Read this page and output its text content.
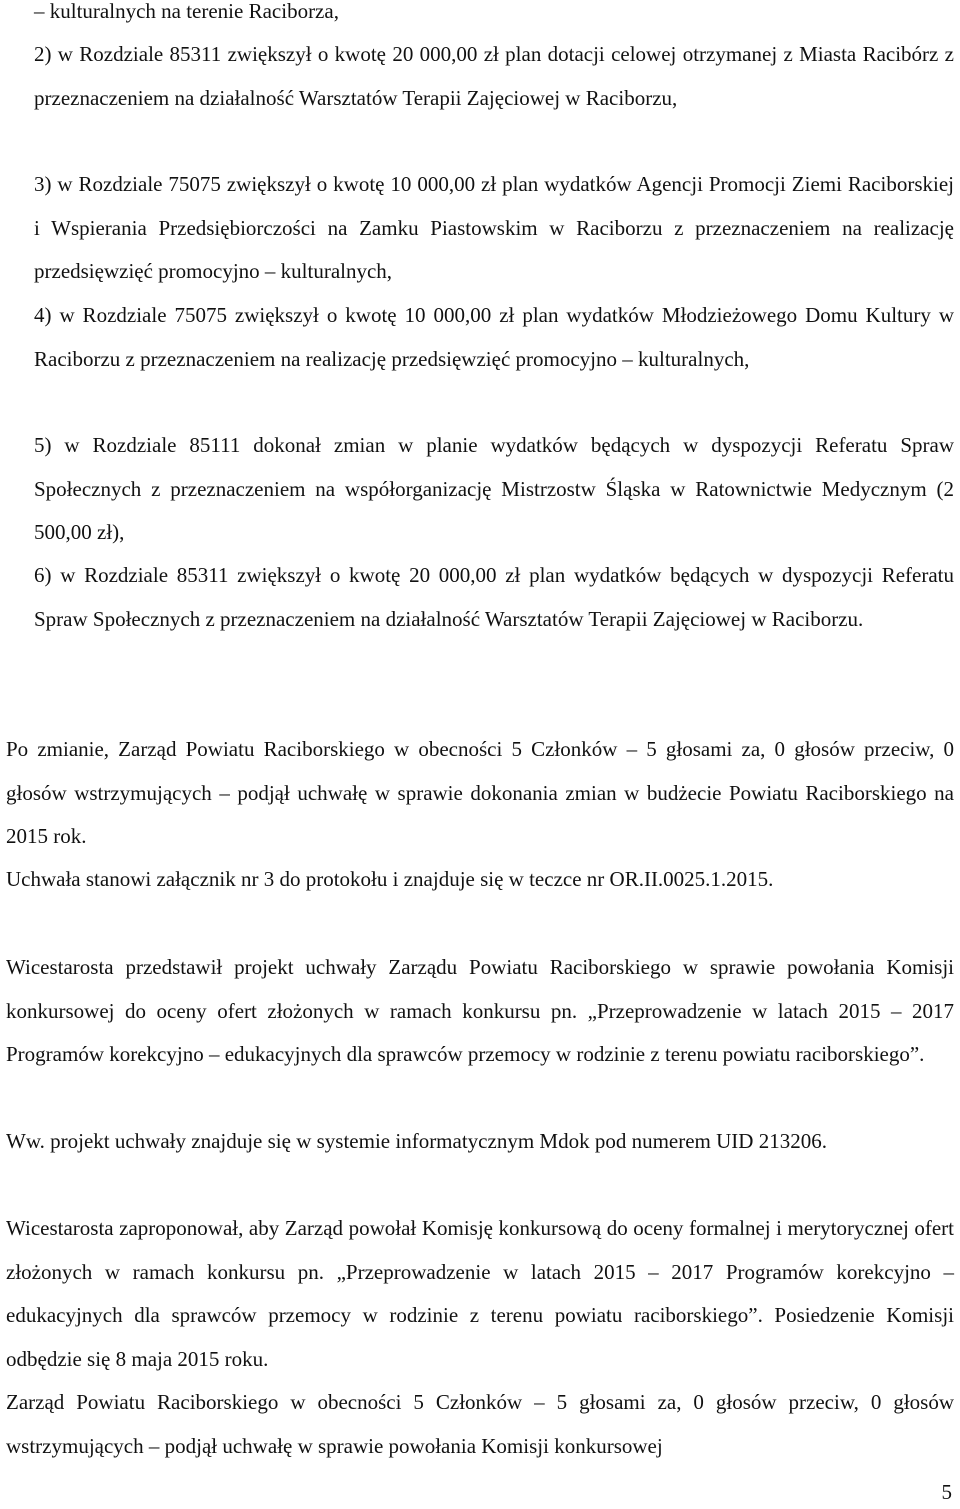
– kulturalnych na terenie Raciborza,

2) w Rozdziale 85311 zwiększył o kwotę 20 000,00 zł plan dotacji celowej otrzymanej z Miasta Racibórz z przeznaczeniem na działalność Warsztatów Terapii Zajęciowej w Raciborzu,

3) w Rozdziale 75075 zwiększył o kwotę 10 000,00 zł plan wydatków Agencji Promocji Ziemi Raciborskiej i Wspierania Przedsiębiorczości na Zamku Piastowskim w Raciborzu z przeznaczeniem na realizację przedsięwzięć promocyjno – kulturalnych,

4) w Rozdziale 75075 zwiększył o kwotę 10 000,00 zł plan wydatków Młodzieżowego Domu Kultury w Raciborzu z przeznaczeniem na realizację przedsięwzięć promocyjno – kulturalnych,

5) w Rozdziale 85111 dokonał zmian w planie wydatków będących w dyspozycji Referatu Spraw Społecznych z przeznaczeniem na współorganizację Mistrzostw Śląska w Ratownictwie Medycznym (2 500,00 zł),

6) w Rozdziale 85311 zwiększył o kwotę 20 000,00 zł plan wydatków będących w dyspozycji Referatu Spraw Społecznych z przeznaczeniem na działalność Warsztatów Terapii Zajęciowej w Raciborzu.

Po zmianie, Zarząd Powiatu Raciborskiego w obecności 5 Członków – 5 głosami za, 0 głosów przeciw, 0 głosów wstrzymujących – podjął uchwałę w sprawie dokonania zmian w budżecie Powiatu Raciborskiego na 2015 rok.

Uchwała stanowi załącznik nr 3 do protokołu i znajduje się w teczce nr OR.II.0025.1.2015.

Wicestarosta przedstawił projekt uchwały Zarządu Powiatu Raciborskiego w sprawie powołania Komisji konkursowej do oceny ofert złożonych w ramach konkursu pn. „Przeprowadzenie w latach 2015 – 2017 Programów korekcyjno – edukacyjnych dla sprawców przemocy w rodzinie z terenu powiatu raciborskiego”.

Ww. projekt uchwały znajduje się w systemie informatycznym Mdok pod numerem UID 213206.

Wicestarosta zaproponował, aby Zarząd powołał Komisję konkursową do oceny formalnej i merytorycznej ofert złożonych w ramach konkursu pn. „Przeprowadzenie w latach 2015 – 2017 Programów korekcyjno – edukacyjnych dla sprawców przemocy w rodzinie z terenu powiatu raciborskiego”. Posiedzenie Komisji odbędzie się 8 maja 2015 roku.

Zarząd Powiatu Raciborskiego w obecności 5 Członków – 5 głosami za, 0 głosów przeciw, 0 głosów wstrzymujących – podjął uchwałę w sprawie powołania Komisji konkursowej

5
